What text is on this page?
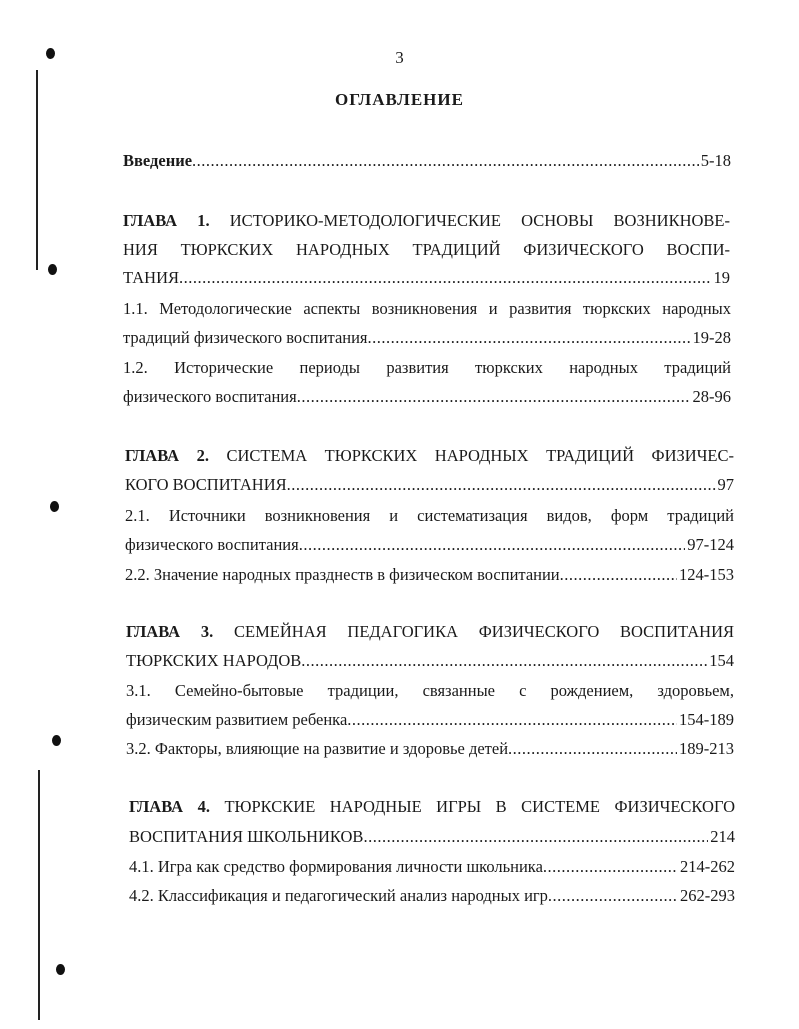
3
ОГЛАВЛЕНИЕ
Введение .....	5-18
ГЛАВА 1. ИСТОРИКО-МЕТОДОЛОГИЧЕСКИЕ ОСНОВЫ ВОЗНИКНОВЕ-
НИЯ ТЮРКСКИХ НАРОДНЫХ ТРАДИЦИЙ ФИЗИЧЕСКОГО ВОСПИ-
ТАНИЯ .....	19
1.1. Методологические аспекты возникновения и развития тюркских народных
традиций физического воспитания .....	19-28
1.2. Исторические периоды развития тюркских народных традиций
физического воспитания .....	28-96
ГЛАВА 2. СИСТЕМА ТЮРКСКИХ НАРОДНЫХ ТРАДИЦИЙ ФИЗИЧЕС-
КОГО ВОСПИТАНИЯ .....	97
2.1. Источники возникновения и систематизация видов, форм традиций
физического воспитания .....	97-124
2.2. Значение народных празднеств в физическом воспитании .....	124-153
ГЛАВА 3. СЕМЕЙНАЯ ПЕДАГОГИКА ФИЗИЧЕСКОГО ВОСПИТАНИЯ
ТЮРКСКИХ НАРОДОВ .....	154
3.1. Семейно-бытовые традиции, связанные с рождением, здоровьем,
физическим развитием ребенка .....	154-189
3.2. Факторы, влияющие на развитие и здоровье детей .....	189-213
ГЛАВА 4. ТЮРКСКИЕ НАРОДНЫЕ ИГРЫ В СИСТЕМЕ ФИЗИЧЕСКОГО
ВОСПИТАНИЯ ШКОЛЬНИКОВ .....	214
4.1. Игра как средство формирования личности школьника .....	214-262
4.2. Классификация и педагогический анализ народных игр .....	262-293
